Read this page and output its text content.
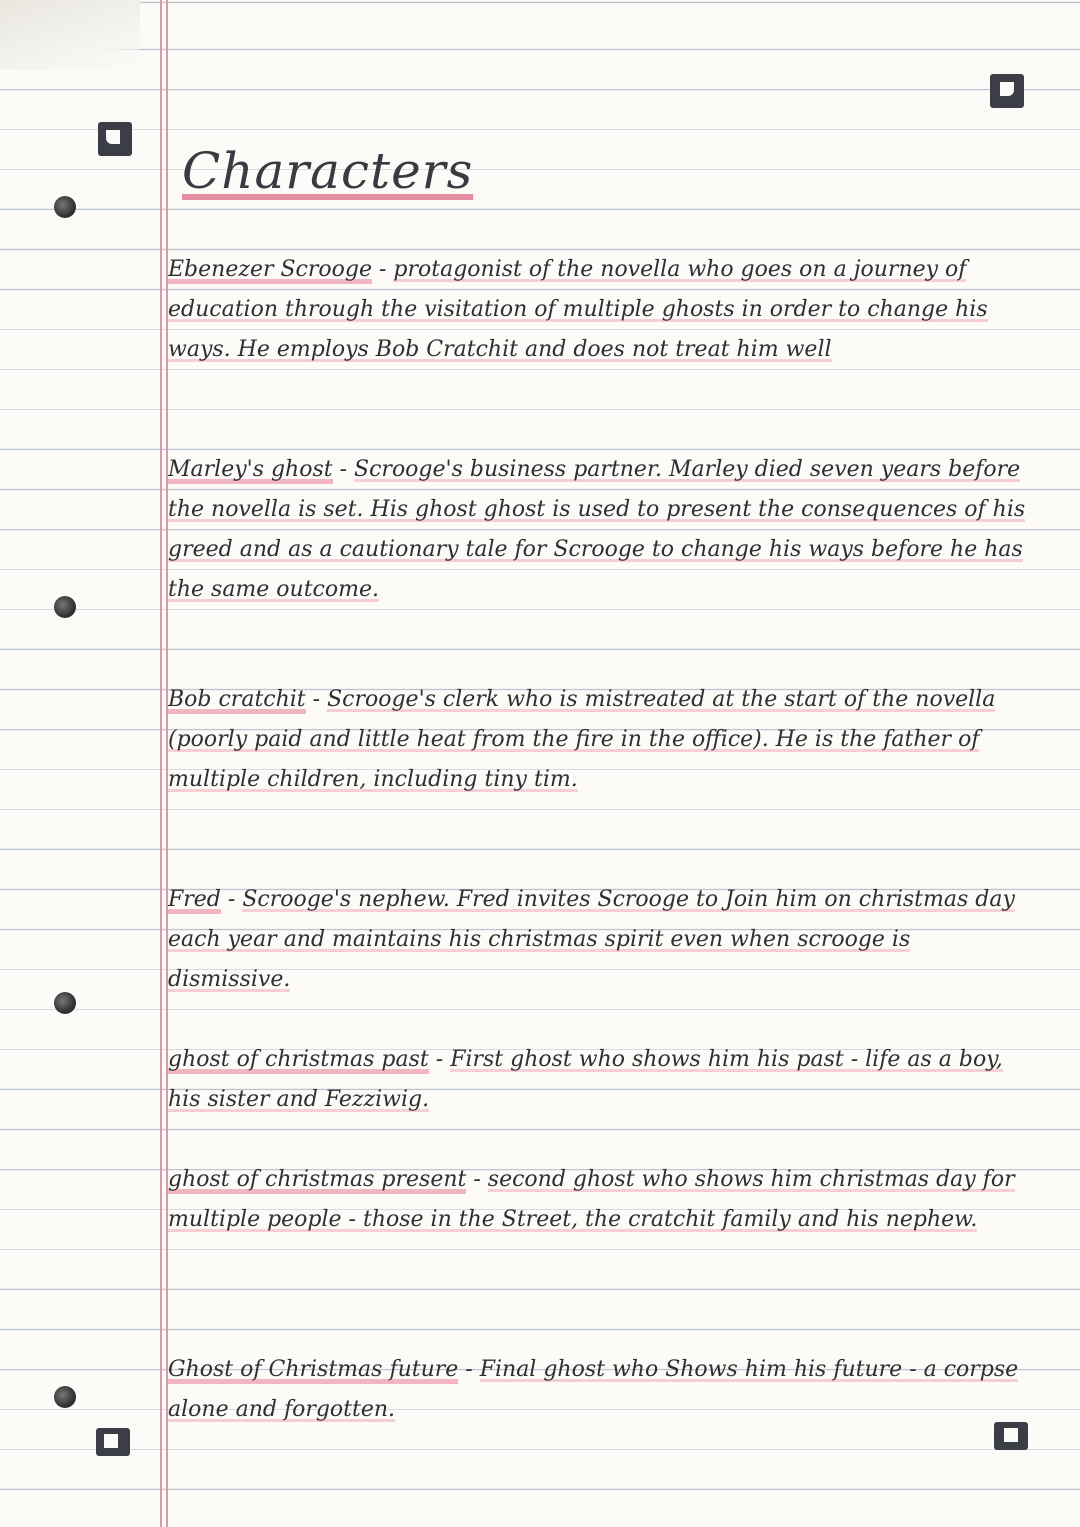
Characters

Ebenezer Scrooge - protagonist of the novella who goes on a journey of education through the visitation of multiple ghosts in order to change his ways. He employs Bob Cratchit and does not treat him well

Marley's ghost - Scrooge's business partner. Marley died seven years before the novella is set. His ghost ghost is used to present the consequences of his greed and as a cautionary tale for Scrooge to change his ways before he has the same outcome.

Bob cratchit - Scrooge's clerk who is mistreated at the start of the novella (poorly paid and little heat from the fire in the office). He is the father of multiple children, including tiny tim.

Fred - Scrooge's nephew. Fred invites Scrooge to Join him on christmas day each year and maintains his christmas spirit even when scrooge is dismissive.

ghost of christmas past - First ghost who shows him his past - life as a boy, his sister and Fezziwig.

ghost of christmas present - second ghost who shows him christmas day for multiple people - those in the Street, the cratchit family and his nephew.

Ghost of Christmas future - Final ghost who Shows him his future - a corpse alone and forgotten.
